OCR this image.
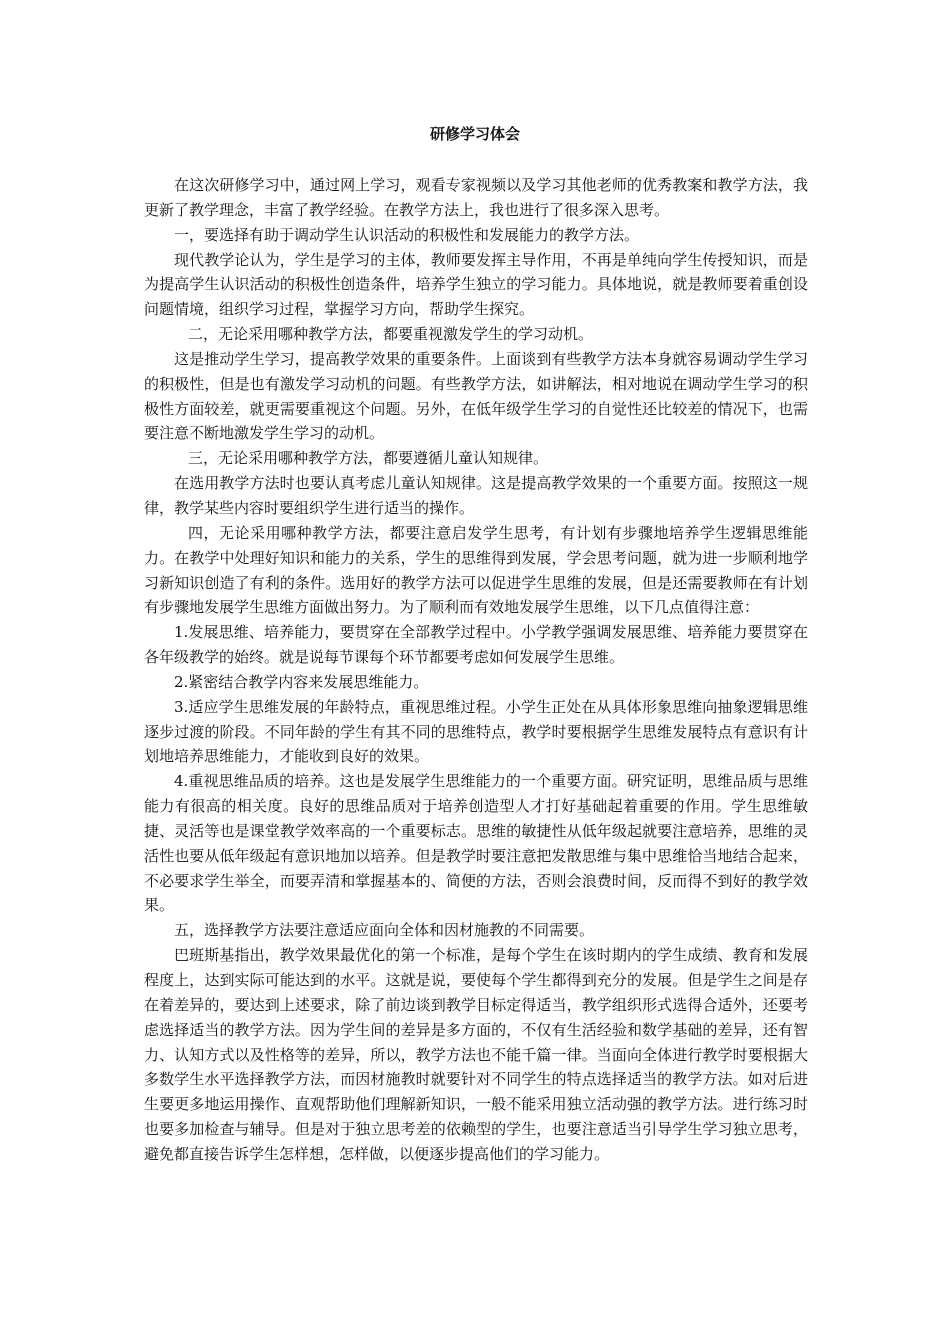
研修学习体会

在这次研修学习中，通过网上学习，观看专家视频以及学习其他老师的优秀教案和教学方法，我更新了教学理念，丰富了教学经验。在教学方法上，我也进行了很多深入思考。

一，要选择有助于调动学生认识活动的积极性和发展能力的教学方法。

现代教学论认为，学生是学习的主体，教师要发挥主导作用，不再是单纯向学生传授知识，而是为提高学生认识活动的积极性创造条件，培养学生独立的学习能力。具体地说，就是教师要着重创设问题情境，组织学习过程，掌握学习方向，帮助学生探究。

二，无论采用哪种教学方法，都要重视激发学生的学习动机。

这是推动学生学习，提高教学效果的重要条件。上面谈到有些教学方法本身就容易调动学生学习的积极性，但是也有激发学习动机的问题。有些教学方法，如讲解法，相对地说在调动学生学习的积极性方面较差，就更需要重视这个问题。另外，在低年级学生学习的自觉性还比较差的情况下，也需要注意不断地激发学生学习的动机。

三，无论采用哪种教学方法，都要遵循儿童认知规律。

在选用教学方法时也要认真考虑儿童认知规律。这是提高教学效果的一个重要方面。按照这一规律，教学某些内容时要组织学生进行适当的操作。

四，无论采用哪种教学方法，都要注意启发学生思考，有计划有步骤地培养学生逻辑思维能力。在教学中处理好知识和能力的关系，学生的思维得到发展，学会思考问题，就为进一步顺利地学习新知识创造了有利的条件。选用好的教学方法可以促进学生思维的发展，但是还需要教师在有计划有步骤地发展学生思维方面做出努力。为了顺利而有效地发展学生思维，以下几点值得注意：

1.发展思维、培养能力，要贯穿在全部教学过程中。小学教学强调发展思维、培养能力要贯穿在各年级教学的始终。就是说每节课每个环节都要考虑如何发展学生思维。

2.紧密结合教学内容来发展思维能力。

3.适应学生思维发展的年龄特点，重视思维过程。小学生正处在从具体形象思维向抽象逻辑思维逐步过渡的阶段。不同年龄的学生有其不同的思维特点，教学时要根据学生思维发展特点有意识有计划地培养思维能力，才能收到良好的效果。

4.重视思维品质的培养。这也是发展学生思维能力的一个重要方面。研究证明，思维品质与思维能力有很高的相关度。良好的思维品质对于培养创造型人才打好基础起着重要的作用。学生思维敏捷、灵活等也是课堂教学效率高的一个重要标志。思维的敏捷性从低年级起就要注意培养，思维的灵活性也要从低年级起有意识地加以培养。但是教学时要注意把发散思维与集中思维恰当地结合起来，不必要求学生举全，而要弄清和掌握基本的、简便的方法，否则会浪费时间，反而得不到好的教学效果。

五，选择教学方法要注意适应面向全体和因材施教的不同需要。

巴班斯基指出，教学效果最优化的第一个标准，是每个学生在该时期内的学生成绩、教育和发展程度上，达到实际可能达到的水平。这就是说，要使每个学生都得到充分的发展。但是学生之间是存在着差异的，要达到上述要求，除了前边谈到教学目标定得适当，教学组织形式选得合适外，还要考虑选择适当的教学方法。因为学生间的差异是多方面的，不仅有生活经验和数学基础的差异，还有智力、认知方式以及性格等的差异，所以，教学方法也不能千篇一律。当面向全体进行教学时要根据大多数学生水平选择教学方法，而因材施教时就要针对不同学生的特点选择适当的教学方法。如对后进生要更多地运用操作、直观帮助他们理解新知识，一般不能采用独立活动强的教学方法。进行练习时也要多加检查与辅导。但是对于独立思考差的依赖型的学生，也要注意适当引导学生学习独立思考，避免都直接告诉学生怎样想，怎样做，以便逐步提高他们的学习能力。
